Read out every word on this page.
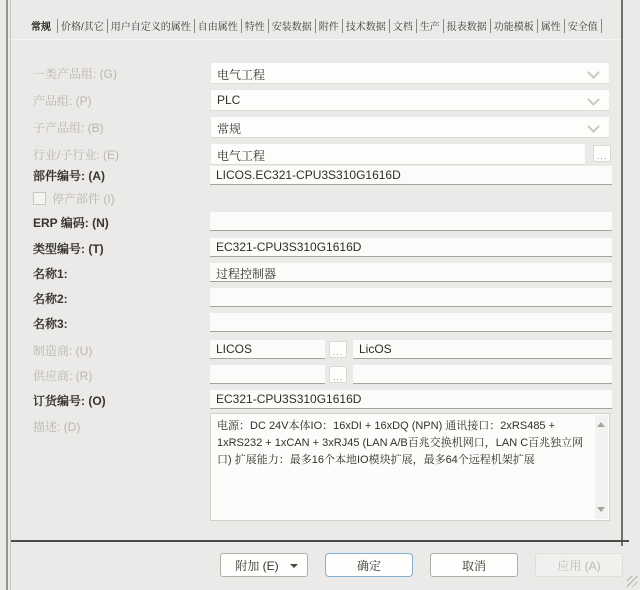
常规	价格/其它 用户自定义的属性 自由属性 特性 安装数据 附件 技术数据 文档 生产 报表数据 功能模板 属性 安全值
一类产品组: (G)	电气工程
产品组: (P)	PLC
子产品组: (B)	常规
行业/子行业: (E)	电气工程	...
部件编号: (A)	LICOS.EC321-CPU3S310G1616D
停产部件 (I)
ERP 编码: (N)
类型编号: (T)	EC321-CPU3S310G1616D
名称1:	过程控制器
名称2:
名称3:
制造商: (U)	LICOS	...	LicOS
供应商: (R)	...
订货编号: (O)	EC321-CPU3S310G1616D
描述: (D)	电源：DC 24V本体IO：16xDI + 16xDQ (NPN) 通讯接口：2xRS485 + 1xRS232 + 1xCAN + 3xRJ45 (LAN A/B百兆交换机网口，LAN C百兆独立网口) 扩展能力：最多16个本地IO模块扩展，最多64个远程机架扩展
附加 (E)	确定	取消	应用 (A)
